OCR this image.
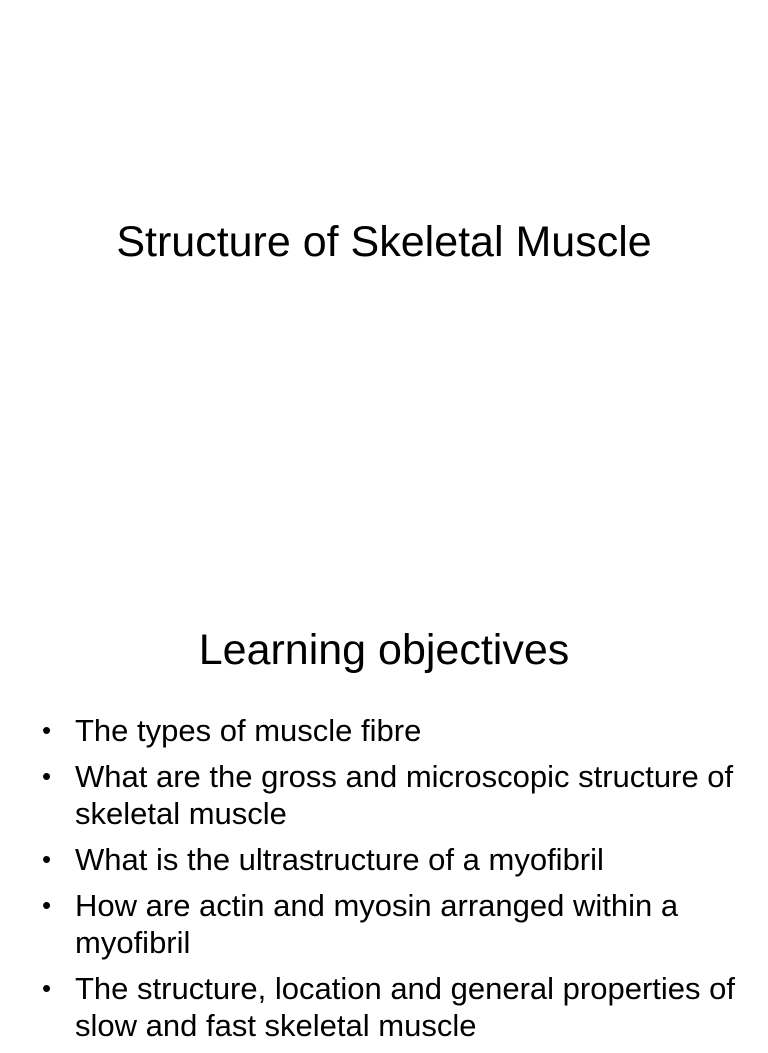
Structure of Skeletal Muscle
Learning objectives
• The types of muscle fibre
• What are the gross and microscopic structure of skeletal muscle
• What is the ultrastructure of a myofibril
• How are actin and myosin arranged within a myofibril
• The structure, location and general properties of slow and fast skeletal muscle
